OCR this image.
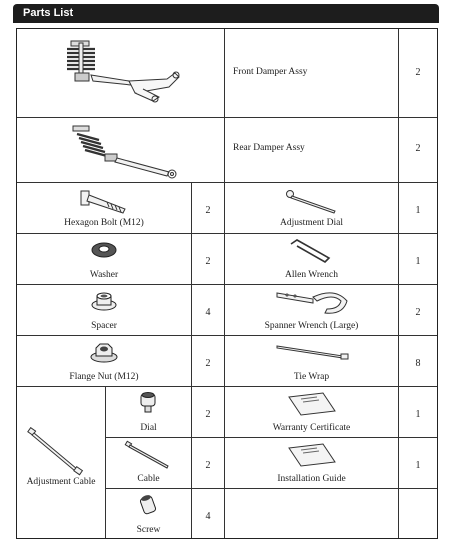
Parts List
Front Damper Assy	2
Rear Damper Assy	2
Hexagon Bolt (M12)
2
Adjustment Dial
1
Washer
2
Allen Wrench
1
Spacer
4
Spanner Wrench (Large)
2
Flange Nut (M12)
2
Tie Wrap
8
Adjustment Cable
Dial
2
Cable
2
Screw
4
Warranty Certificate
1
Installation Guide
1
